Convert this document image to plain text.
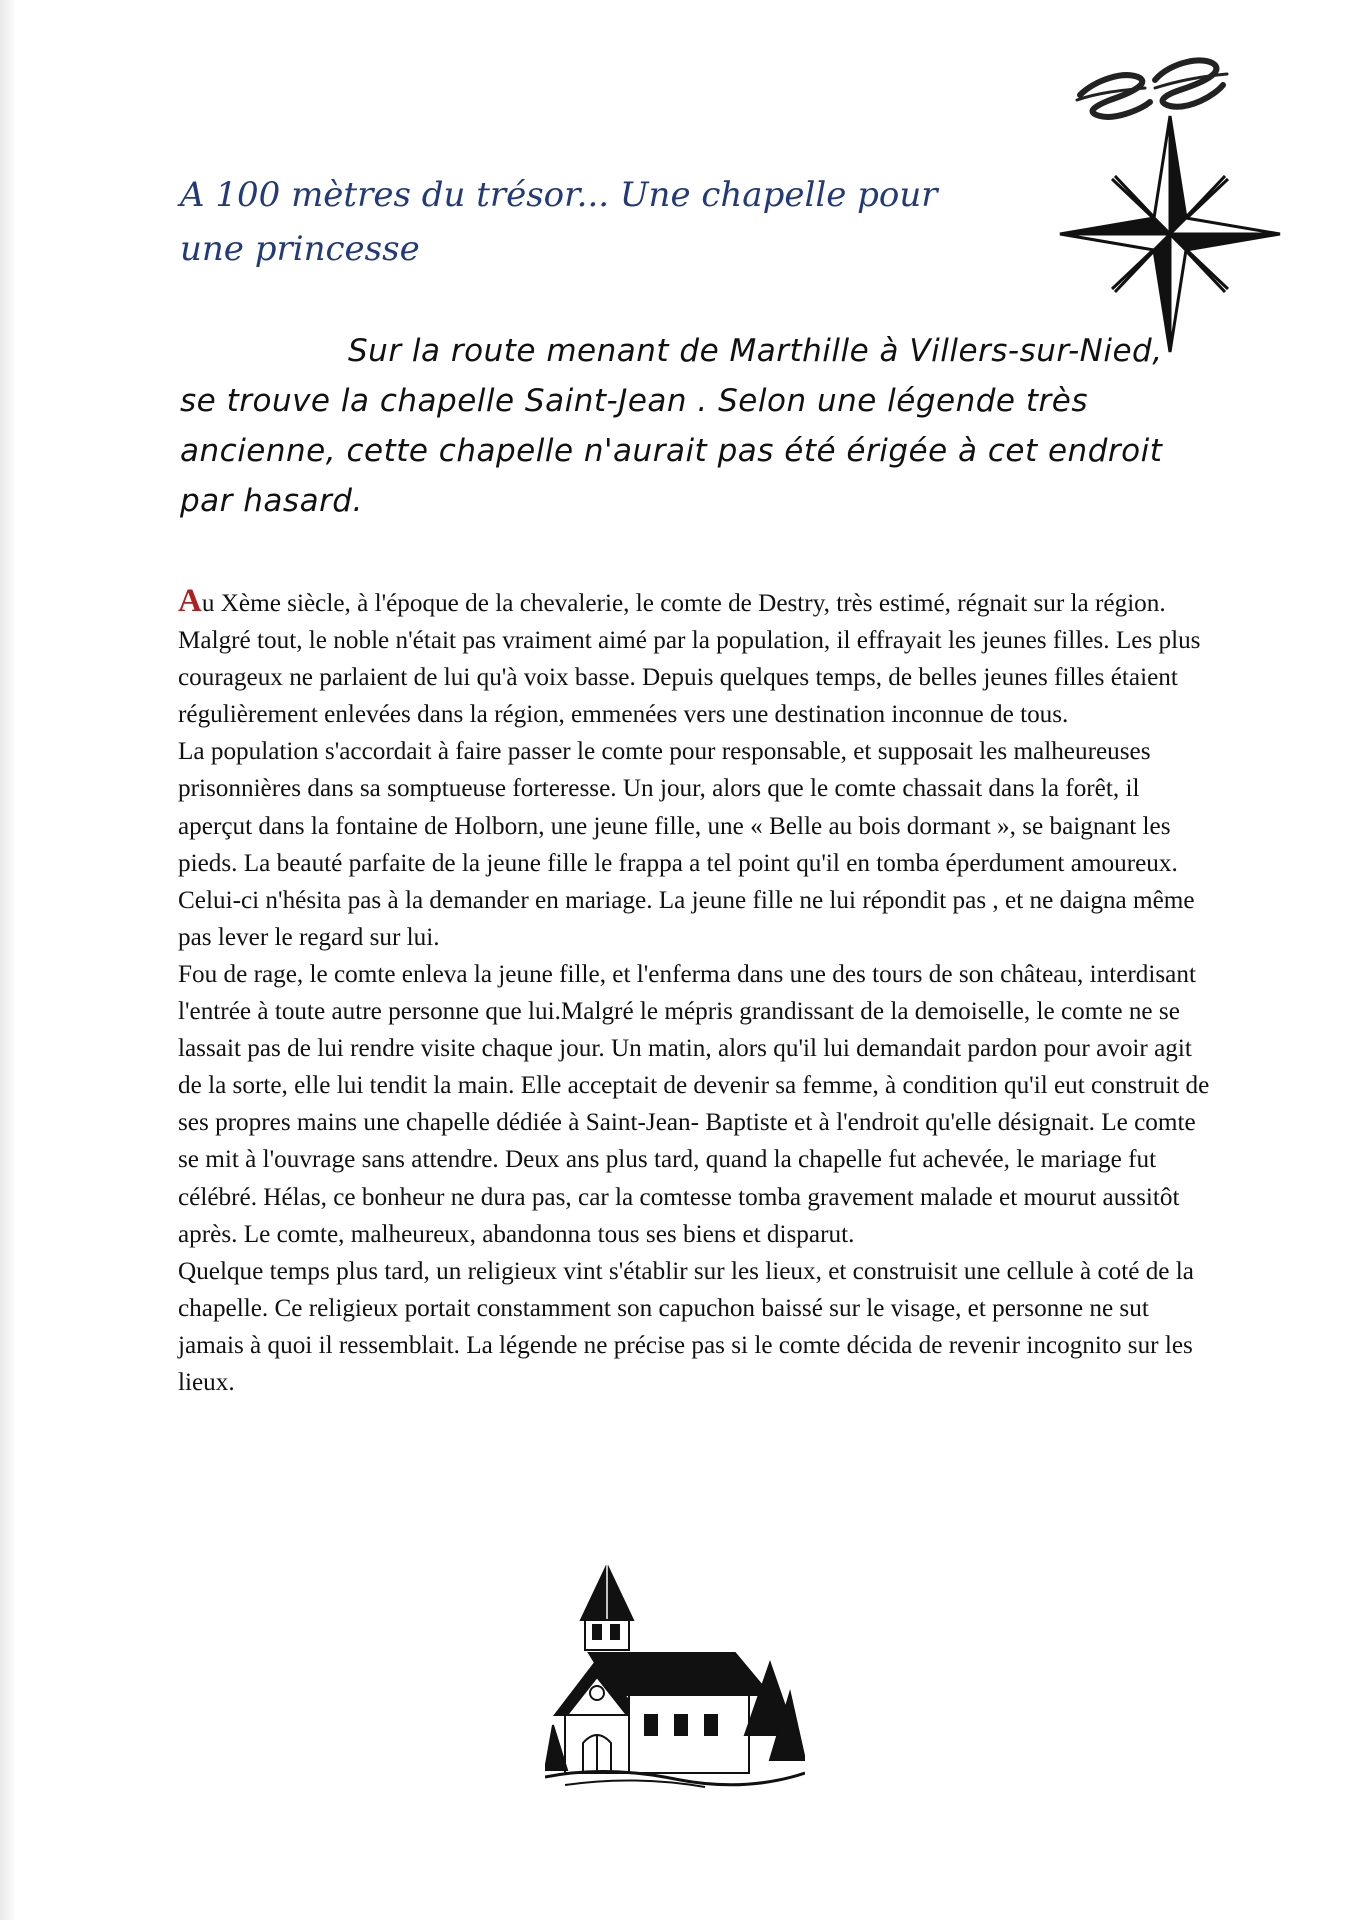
A 100 mètres du trésor... Une chapelle pour une princesse

Sur la route menant de Marthille à Villers-sur-Nied, se trouve la chapelle Saint-Jean . Selon une légende très ancienne, cette chapelle n'aurait pas été érigée à cet endroit par hasard.

Au Xème siècle, à l'époque de la chevalerie, le comte de Destry, très estimé, régnait sur la région. Malgré tout, le noble n'était pas vraiment aimé par la population, il effrayait les jeunes filles. Les plus courageux ne parlaient de lui qu'à voix basse. Depuis quelques temps, de belles jeunes filles étaient régulièrement enlevées dans la région, emmenées vers une destination inconnue de tous.

La population s'accordait à faire passer le comte pour responsable, et supposait les malheureuses prisonnières dans sa somptueuse forteresse. Un jour, alors que le comte chassait dans la forêt, il aperçut dans la fontaine de Holborn, une jeune fille, une « Belle au bois dormant », se baignant les pieds. La beauté parfaite de la jeune fille le frappa a tel point qu'il en tomba éperdument amoureux. Celui-ci n'hésita pas à la demander en mariage. La jeune fille ne lui répondit pas , et ne daigna même pas lever le regard sur lui.

Fou de rage, le comte enleva la jeune fille, et l'enferma dans une des tours de son château, interdisant l'entrée à toute autre personne que lui.Malgré le mépris grandissant de la demoiselle, le comte ne se lassait pas de lui rendre visite chaque jour. Un matin, alors qu'il lui demandait pardon pour avoir agit de la sorte, elle lui tendit la main. Elle acceptait de devenir sa femme, à condition qu'il eut construit de ses propres mains une chapelle dédiée à Saint-Jean- Baptiste et à l'endroit qu'elle désignait. Le comte se mit à l'ouvrage sans attendre. Deux ans plus tard, quand la chapelle fut achevée, le mariage fut célébré. Hélas, ce bonheur ne dura pas, car la comtesse tomba gravement malade et mourut aussitôt après. Le comte, malheureux, abandonna tous ses biens et disparut.

Quelque temps plus tard, un religieux vint s'établir sur les lieux, et construisit une cellule à coté de la chapelle. Ce religieux portait constamment son capuchon baissé sur le visage, et personne ne sut jamais à quoi il ressemblait. La légende ne précise pas si le comte décida de revenir incognito sur les lieux.
